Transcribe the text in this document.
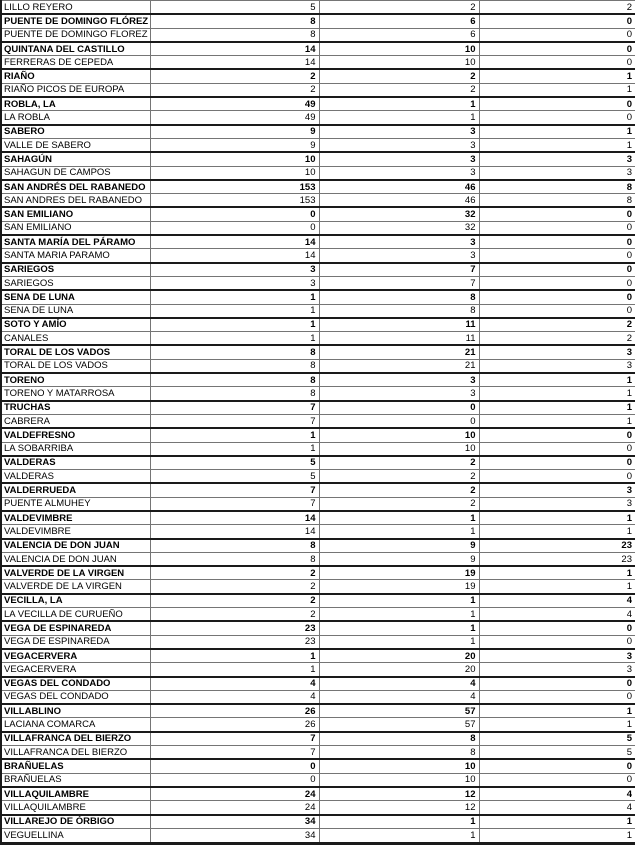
LILLO REYERO	5	2	2
PUENTE DE DOMINGO FLÓREZ	8	6	0
PUENTE DE DOMINGO FLOREZ	8	6	0
QUINTANA DEL CASTILLO	14	10	0
FERRERAS DE CEPEDA	14	10	0
RIAÑO	2	2	1
RIAÑO PICOS DE EUROPA	2	2	1
ROBLA, LA	49	1	0
LA ROBLA	49	1	0
SABERO	9	3	1
VALLE DE SABERO	9	3	1
SAHAGÚN	10	3	3
SAHAGUN DE CAMPOS	10	3	3
SAN ANDRÉS DEL RABANEDO	153	46	8
SAN ANDRES DEL RABANEDO	153	46	8
SAN EMILIANO	0	32	0
SAN EMILIANO	0	32	0
SANTA MARÍA DEL PÁRAMO	14	3	0
SANTA MARIA PARAMO	14	3	0
SARIEGOS	3	7	0
SARIEGOS	3	7	0
SENA DE LUNA	1	8	0
SENA DE LUNA	1	8	0
SOTO Y AMÍO	1	11	2
CANALES	1	11	2
TORAL DE LOS VADOS	8	21	3
TORAL DE LOS VADOS	8	21	3
TORENO	8	3	1
TORENO Y MATARROSA	8	3	1
TRUCHAS	7	0	1
CABRERA	7	0	1
VALDEFRESNO	1	10	0
LA SOBARRIBA	1	10	0
VALDERAS	5	2	0
VALDERAS	5	2	0
VALDERRUEDA	7	2	3
PUENTE ALMUHEY	7	2	3
VALDEVIMBRE	14	1	1
VALDEVIMBRE	14	1	1
VALENCIA DE DON JUAN	8	9	23
VALENCIA DE DON JUAN	8	9	23
VALVERDE DE LA VIRGEN	2	19	1
VALVERDE DE LA VIRGEN	2	19	1
VECILLA, LA	2	1	4
LA VECILLA DE CURUEÑO	2	1	4
VEGA DE ESPINAREDA	23	1	0
VEGA DE ESPINAREDA	23	1	0
VEGACERVERA	1	20	3
VEGACERVERA	1	20	3
VEGAS DEL CONDADO	4	4	0
VEGAS DEL CONDADO	4	4	0
VILLABLINO	26	57	1
LACIANA COMARCA	26	57	1
VILLAFRANCA DEL BIERZO	7	8	5
VILLAFRANCA DEL BIERZO	7	8	5
BRAÑUELAS	0	10	0
BRAÑUELAS	0	10	0
VILLAQUILAMBRE	24	12	4
VILLAQUILAMBRE	24	12	4
VILLAREJO DE ÓRBIGO	34	1	1
VEGUELLINA	34	1	1
